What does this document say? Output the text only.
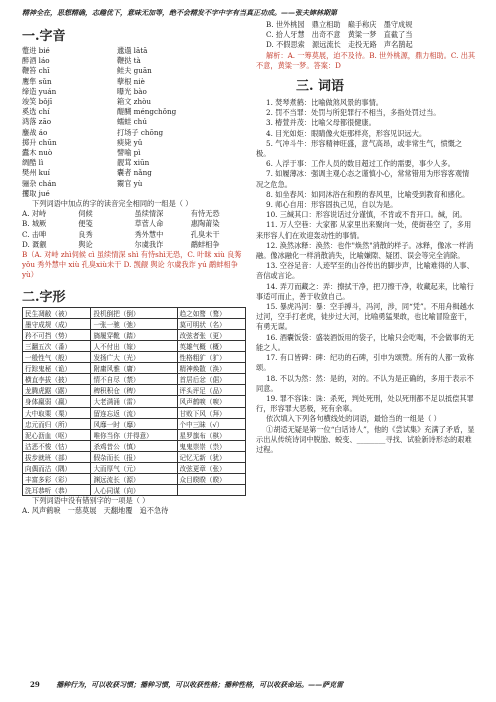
精神全在，思想精确，志趣优下，意味无加等，绝不会精发不字中字有当真正功成。——张夫婶林期第
一.字音
蹩进 bié	邋遢 lātā
醉酒 láo	鞭挞 tà
鞭笞 chī	鲑夫 guān
鹰隼 sǔn	孽根 niè
缔造 yuán	曝光 bào
竣笑 bǒjī	箱文 zhòu
奚选 chí	醍醐 méngchǒng
鸿落 zāo	蠕蛙 chú
鏖战 áo	打场子 chōng
掷升 chūn	瘐毙 yǔ
蠹木 nuò	譬喻 pì
绸酷 lì	靓茸 xiūn
樊州 kuí	囊者 nǎng
骊杂 chán	鬻官 yù
攫取 jué

下列词语中加点的字的读音完全相同的一组是（ ）

A. 对峙	伺候	虽续情深	有恃无恐
B. 城厥	便笺	草菅人命	惠陶莆染
C. 击呻	良秀	秀外慧中	孔臭未干
D. 溉觎	舆论	尔虞我诈	鹬蚌相争

B（A. 对峙 zhì伺候 cì 虽续情深 shì 有恃shì无恐，C. 叶昧 xiù 良莠 yǒu 秀外慧中 xiù 孔臭xiù未干 D. 觊觎 舆论 尔虞我诈 yú 鹬蚌相争 yù）

二.字形
民生凋敝（被）	投机倒把（倒）	趋之如鹜（鹜）
墨守成规（成）	一张一驰（弛）	莫可明状（名）
矜不可挡（势）	旖履穿靴（踏）	改弦者张（更）
三翻五次（番）	人不付出（嫁）	英雄气概（概）
一般性气（般）	发扬广大（光）	性格粗犷（犷）
行踪鬼秘（诡）	附庸风雅（庸）	精神焕散（涣）
横直李拔（披）	情不自尽（禁）	首居后忿（倨）
龙腾虎踞（踞）	稗积积仓（稗）	评头评足（品）
身体羸弱（羸）	大老满涌（雷）	风声鹤唳（唳）
大中取栗（栗）	留连忘返（流）	甘败下风（拜）
忠元而归（所）	风靡一时（靡）	个中三昧（√）
泥心沥血（呕）	唯你当你（并得意）	星罗旗布（棋）
沽恶不悛（怙）	杀鸡昔公（慎）	鬼鬼崇崇（祟）
拔步就班（部）	假杂而长（报）	记忆无新（犹）
向偶而沽（隅）	大而厚气（元）	改弦更章（张）
丰富多彩（彩）	渊远流长（源）	众目睽睽（睽）
洗耳恭听（恭）	人心同谋（向）	

下列词语中没有错别字的一项是（ ）

A. 风声鹤唳　一慈莫展　天翻地覆　追不急待

B. 世外桃园　鼎立相助　巅手称庆　墨守成规

C. 拾人牙慧　出奇不意　黄粱一梦　直截了当

D. 不假思索　源远流长　走投无路　声名鹊起

解析：A. 一筹莫展，迫不及待。B. 世外桃源，鼎力相助。C. 出其不意，黄粱一梦。答案：D

三. 词语

1. 焚琴煮鹤：比喻做煞风景的事情。

2. 罚不当罪：处罚与所犯罪行不相当，多指处罚过当。

3. 椿萱并茂：比喻父母都很健康。

4. 目光如炬：眼睛像火炬那样亮，形容见识远大。

5. 气冲斗牛：形容精神旺盛，意气高昂，或非常生气，愤慨之极。

6. 人浮于事：工作人员的数目超过工作的需要，事少人多。

7. 如履薄冰：强调主观心态之谨慎小心，常常错用为形容客观情况之危急。

8. 如坐春风：如同沐浴在和煦的春风里，比喻受到教育和感化。

9. 师心自用：形容固执己见，自以为是。

10. 三缄其口：形容说话过分谨慎，不肯或不肯开口。缄，闭。

11. 万人空巷：大家都 从家里出来聚向一处，使街巷空 了，多用来形容人们在欢迎轰动性的事情。

12. 涣然冰释：涣然：也作"焕然"消散的样子。冰释，像冰一样消融。像冰融化一样消散消失，比喻嫌隙、疑团、误会等完全消除。

13. 空谷足音：人迹罕至的山谷传出的脚步声，比喻难得的人事、音信或言论。

14. 弄刀而藏之：弄：擦拭干净，把刀擦干净，收藏起来，比喻行事适可而止，善于收敛自己。

15. 暴虎冯河：暴：空手搏斗，冯河，涉，同“凭”。不用舟楫越水过河，空手打老虎，徒步过大河，比喻勇猛果敢，也比喻冒险蛮干，有勇无谋。

16. 酒囊饭袋：盛装酒饭用的袋子，比喻只会吃喝，不会做事的无能之人。

17. 有口皆碑：碑：纪功的石碑，引申为颂赞。所有的人都一致称颂。

18. 不以为然：然：是的，对的。不认为是正确的，多用于表示不同意。

19. 罪不容诛：诛：杀死，判处死刑，处以死刑都不足以抵偿其罪行，形容罪大恶极，死有余辜。

依次填入下列各句横线处的词语，最恰当的一组是（ ）

①胡适无疑是第一位“白话诗人”，他的《尝试集》充满了矛盾，显示出从传统诗词中脱胎、蜕变、________寻找、试验新诗形态的艰难过程。

29 播种行为，可以收获习惯；播种习惯，可以收获性格；播种性格，可以收获命运。——萨克雷
